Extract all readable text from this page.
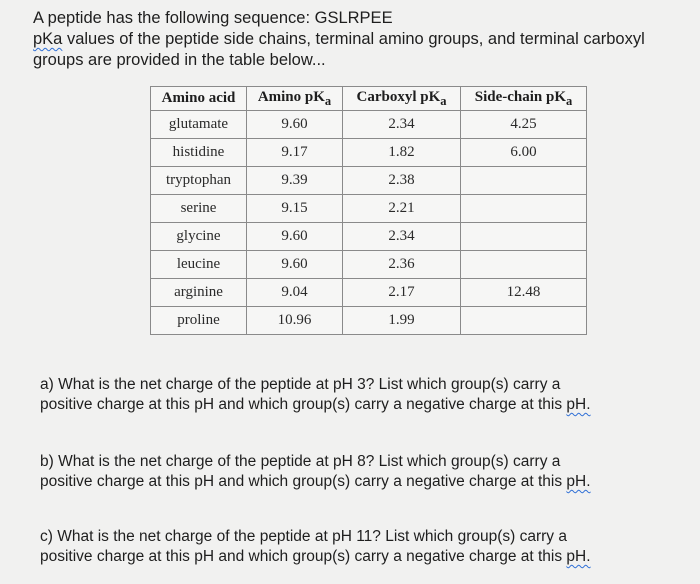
A peptide has the following sequence: GSLRPEE
pKa values of the peptide side chains, terminal amino groups, and terminal carboxyl
groups are provided in the table below...
Amino acid	Amino $pK_a$	Carboxyl $pK_a$	Side-chain $pK_a$
glutamate	9.60	2.34	4.25
histidine	9.17	1.82	6.00
tryptophan	9.39	2.38	
serine	9.15	2.21	
glycine	9.60	2.34	
leucine	9.60	2.36	
arginine	9.04	2.17	12.48
proline	10.96	1.99	
a) What is the net charge of the peptide at pH 3? List which group(s) carry a
positive charge at this pH and which group(s) carry a negative charge at this pH.
b) What is the net charge of the peptide at pH 8? List which group(s) carry a
positive charge at this pH and which group(s) carry a negative charge at this pH.
c) What is the net charge of the peptide at pH 11? List which group(s) carry a
positive charge at this pH and which group(s) carry a negative charge at this pH.
